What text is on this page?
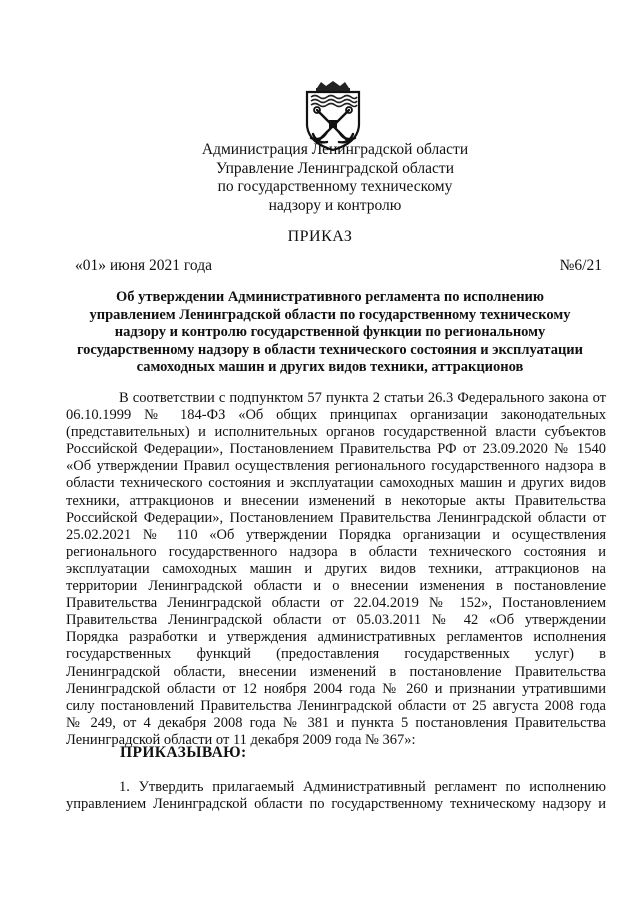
Администрация Ленинградской области
Управление Ленинградской области
по государственному техническому
надзору и контролю
ПРИКАЗ
«01» июня 2021 года	№6/21
Об утверждении Административного регламента по исполнению
управлением Ленинградской области по государственному техническому
надзору и контролю государственной функции по региональному
государственному надзору в области технического состояния и эксплуатации
самоходных машин и других видов техники, аттракционов
В соответствии с подпунктом 57 пункта 2 статьи 26.3 Федерального закона от
06.10.1999 № 184-ФЗ «Об общих принципах организации законодательных
(представительных) и исполнительных органов государственной власти субъектов
Российской Федерации», Постановлением Правительства РФ от 23.09.2020 № 1540
«Об утверждении Правил осуществления регионального государственного надзора в
области технического состояния и эксплуатации самоходных машин и других видов
техники, аттракционов и внесении изменений в некоторые акты Правительства
Российской Федерации», Постановлением Правительства Ленинградской области от
25.02.2021 № 110 «Об утверждении Порядка организации и осуществления
регионального государственного надзора в области технического состояния и
эксплуатации самоходных машин и других видов техники, аттракционов на
территории Ленинградской области и о внесении изменения в постановление
Правительства Ленинградской области от 22.04.2019 № 152», Постановлением
Правительства Ленинградской области от 05.03.2011 № 42 «Об утверждении
Порядка разработки и утверждения административных регламентов исполнения
государственных функций (предоставления государственных услуг) в
Ленинградской области, внесении изменений в постановление Правительства
Ленинградской области от 12 ноября 2004 года № 260 и признании утратившими
силу постановлений Правительства Ленинградской области от 25 августа 2008 года
№ 249, от 4 декабря 2008 года № 381 и пункта 5 постановления Правительства
Ленинградской области от 11 декабря 2009 года № 367»:
ПРИКАЗЫВАЮ:
1. Утвердить прилагаемый Административный регламент по исполнению
управлением Ленинградской области по государственному техническому надзору и
